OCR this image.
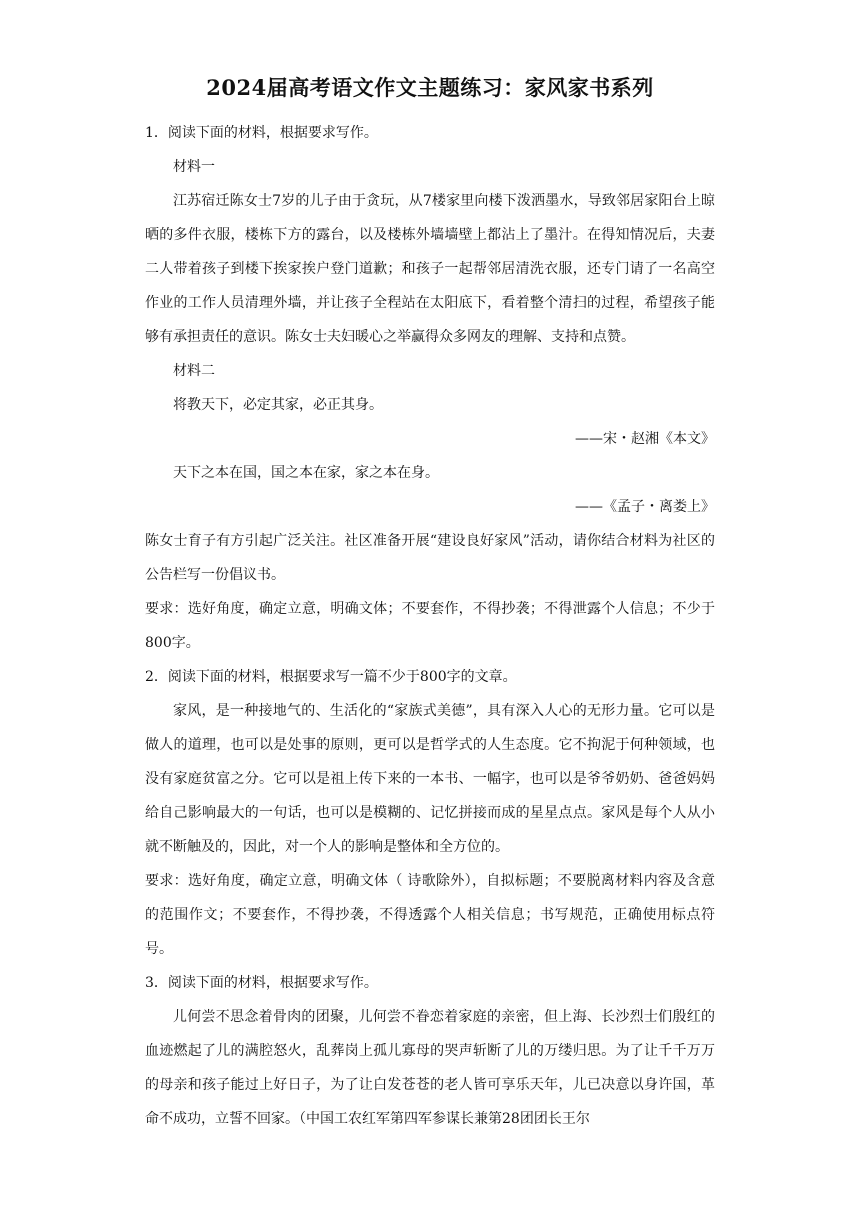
2024届高考语文作文主题练习：家风家书系列

1．阅读下面的材料，根据要求写作。

材料一

江苏宿迁陈女士7岁的儿子由于贪玩，从7楼家里向楼下泼洒墨水，导致邻居家阳台上晾晒的多件衣服，楼栋下方的露台，以及楼栋外墙墙壁上都沾上了墨汁。在得知情况后，夫妻二人带着孩子到楼下挨家挨户登门道歉；和孩子一起帮邻居清洗衣服，还专门请了一名高空作业的工作人员清理外墙，并让孩子全程站在太阳底下，看着整个清扫的过程，希望孩子能够有承担责任的意识。陈女士夫妇暖心之举赢得众多网友的理解、支持和点赞。

材料二

将教天下，必定其家，必正其身。

——宋・赵湘《本文》

天下之本在国，国之本在家，家之本在身。

——《孟子・离娄上》

陈女士育子有方引起广泛关注。社区准备开展“建设良好家风”活动，请你结合材料为社区的公告栏写一份倡议书。

要求：选好角度，确定立意，明确文体；不要套作，不得抄袭；不得泄露个人信息；不少于800字。

2．阅读下面的材料，根据要求写一篇不少于800字的文章。

家风，是一种接地气的、生活化的“家族式美德”，具有深入人心的无形力量。它可以是做人的道理，也可以是处事的原则，更可以是哲学式的人生态度。它不拘泥于何种领域，也没有家庭贫富之分。它可以是祖上传下来的一本书、一幅字，也可以是爷爷奶奶、爸爸妈妈给自己影响最大的一句话，也可以是模糊的、记忆拼接而成的星星点点。家风是每个人从小就不断触及的，因此，对一个人的影响是整体和全方位的。

要求：选好角度，确定立意，明确文体（ 诗歌除外），自拟标题；不要脱离材料内容及含意的范围作文；不要套作，不得抄袭，不得透露个人相关信息；书写规范，正确使用标点符号。

3．阅读下面的材料，根据要求写作。

儿何尝不思念着骨肉的团聚，儿何尝不眷恋着家庭的亲密，但上海、长沙烈士们殷红的血迹燃起了儿的满腔怒火，乱葬岗上孤儿寡母的哭声斩断了儿的万缕归思。为了让千千万万的母亲和孩子能过上好日子，为了让白发苍苍的老人皆可享乐天年，儿已决意以身许国，革命不成功，立誓不回家。（中国工农红军第四军参谋长兼第28团团长王尔
